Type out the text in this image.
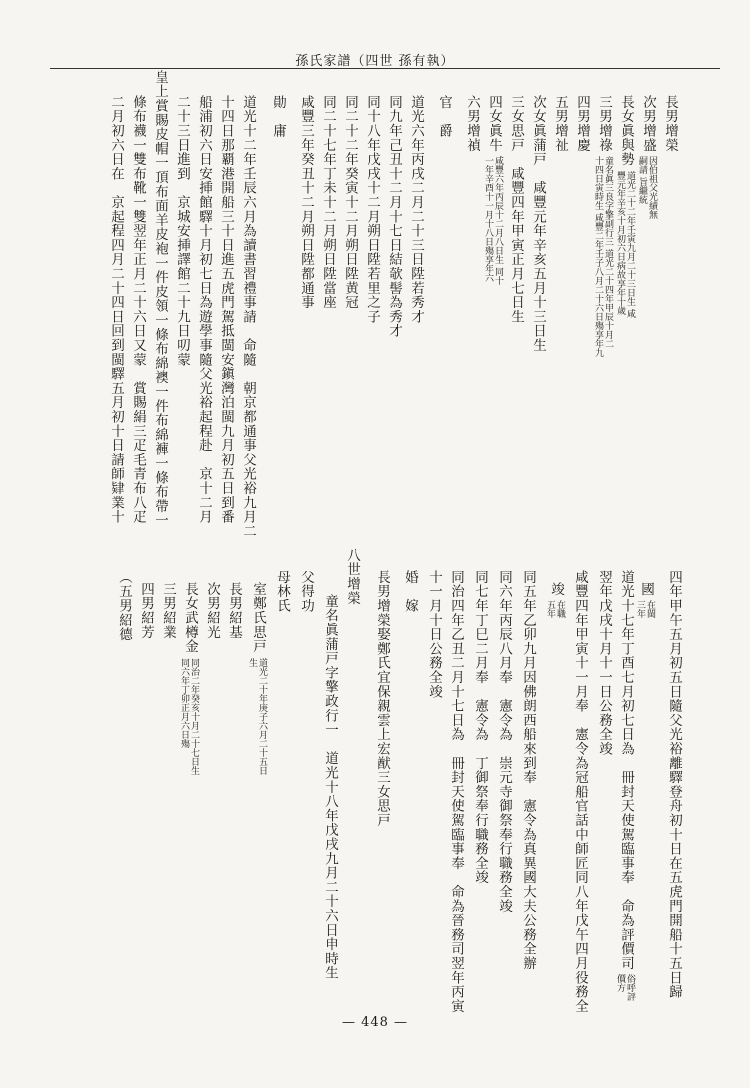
孫氏家譜（四世 孫有執）
長男增榮
次男增盛
因伯祖父光績無
嗣請 旨繼統
長女眞與勢
道光二十二年壬寅九月二十三日生 咸
豐元年辛亥十月初六日病故享年十歲
三男增祿
童名眞三良字擎副行三 道光二十四年甲辰十月二
十四日寅時生 咸豐二年壬子八月二十六日殤享年九
四男增慶
五男增祉
次女眞蒲戸　咸豐元年辛亥五月十三日生
三女思戸　咸豐四年甲寅正月七日生
四女眞牛
咸豐六年丙辰十二月八日生 同十
一年辛酉十一月十八日殤享年六
六男增禎
官　爵
道光六年丙戌二月二十三日陞若秀才
同九年己丑十二月十七日結欹髻為秀才
同十八年戊戌十二月朔日陞若里之子
同二十二年癸寅十二月朔日陞黄冠
同二十七年丁未十二月朔日陞當座
咸豐三年癸丑十二月朔日陞都通事
勛　庸
道光十二年壬辰六月為讀書習禮事請　命隨　朝京都通事父光裕九月二
十四日那覇港開船三十日進五虎門駕抵閩安鎭灣泊閩九月初五日到番
船浦初六日安挿館驛十月初七日為遊學事隨父光裕起程赴　京十二月
二十三日進到　京城安挿譯館二十九日叨蒙
皇上賞賜皮帽一頂布面羊皮袍一件皮領一條布綿襖一件布綿褲一條布帶一
條布襪一雙布靴一雙翌年正月二十六日又蒙　賞賜絹三疋毛青布八疋
二月初六日在　京起程四月二十四日回到閩驛五月初十日請師肄業十
四年甲午五月初五日隨父光裕離驛登舟初十日在五虎門開船十五日歸
國
在閩
三年
道光十七年丁酉七月初七日為　冊封天使駕臨事奉　命為評價司
俗呼評
價方
翌年戊戌十月十一日公務全竣
咸豐四年甲寅十一月奉　憲令為冠船官話中師匠同八年戊午四月役務全
竣
在職
五年
同五年乙卯九月因佛朗西船來到奉　憲令為真異國大夫公務全辦
同六年丙辰八月奉　憲令為　崇元寺御祭奉行職務全竣
同七年丁巳二月奉　憲令為　丁御祭奉行職務全竣
同治四年乙丑二月十七日為　冊封天使駕臨事奉　命為晉務司翌年丙寅
十一月十日公務全竣
婚　嫁
長男增榮娶鄭氏宜保親雲上宏猷三女思戸
八世增榮
童名眞蒲戸字擎政行一　道光十八年戊戌九月二十六日申時生
父得功
母林氏
室鄭氏思戸
道光二十年庚子六月二十五日
生
長男紹基
次男紹光
長女武樽金
同治二年癸亥十月二十七日生
同六年丁卯正月六日殤
三男紹業
四男紹芳
（五男紹德
— 448 —
